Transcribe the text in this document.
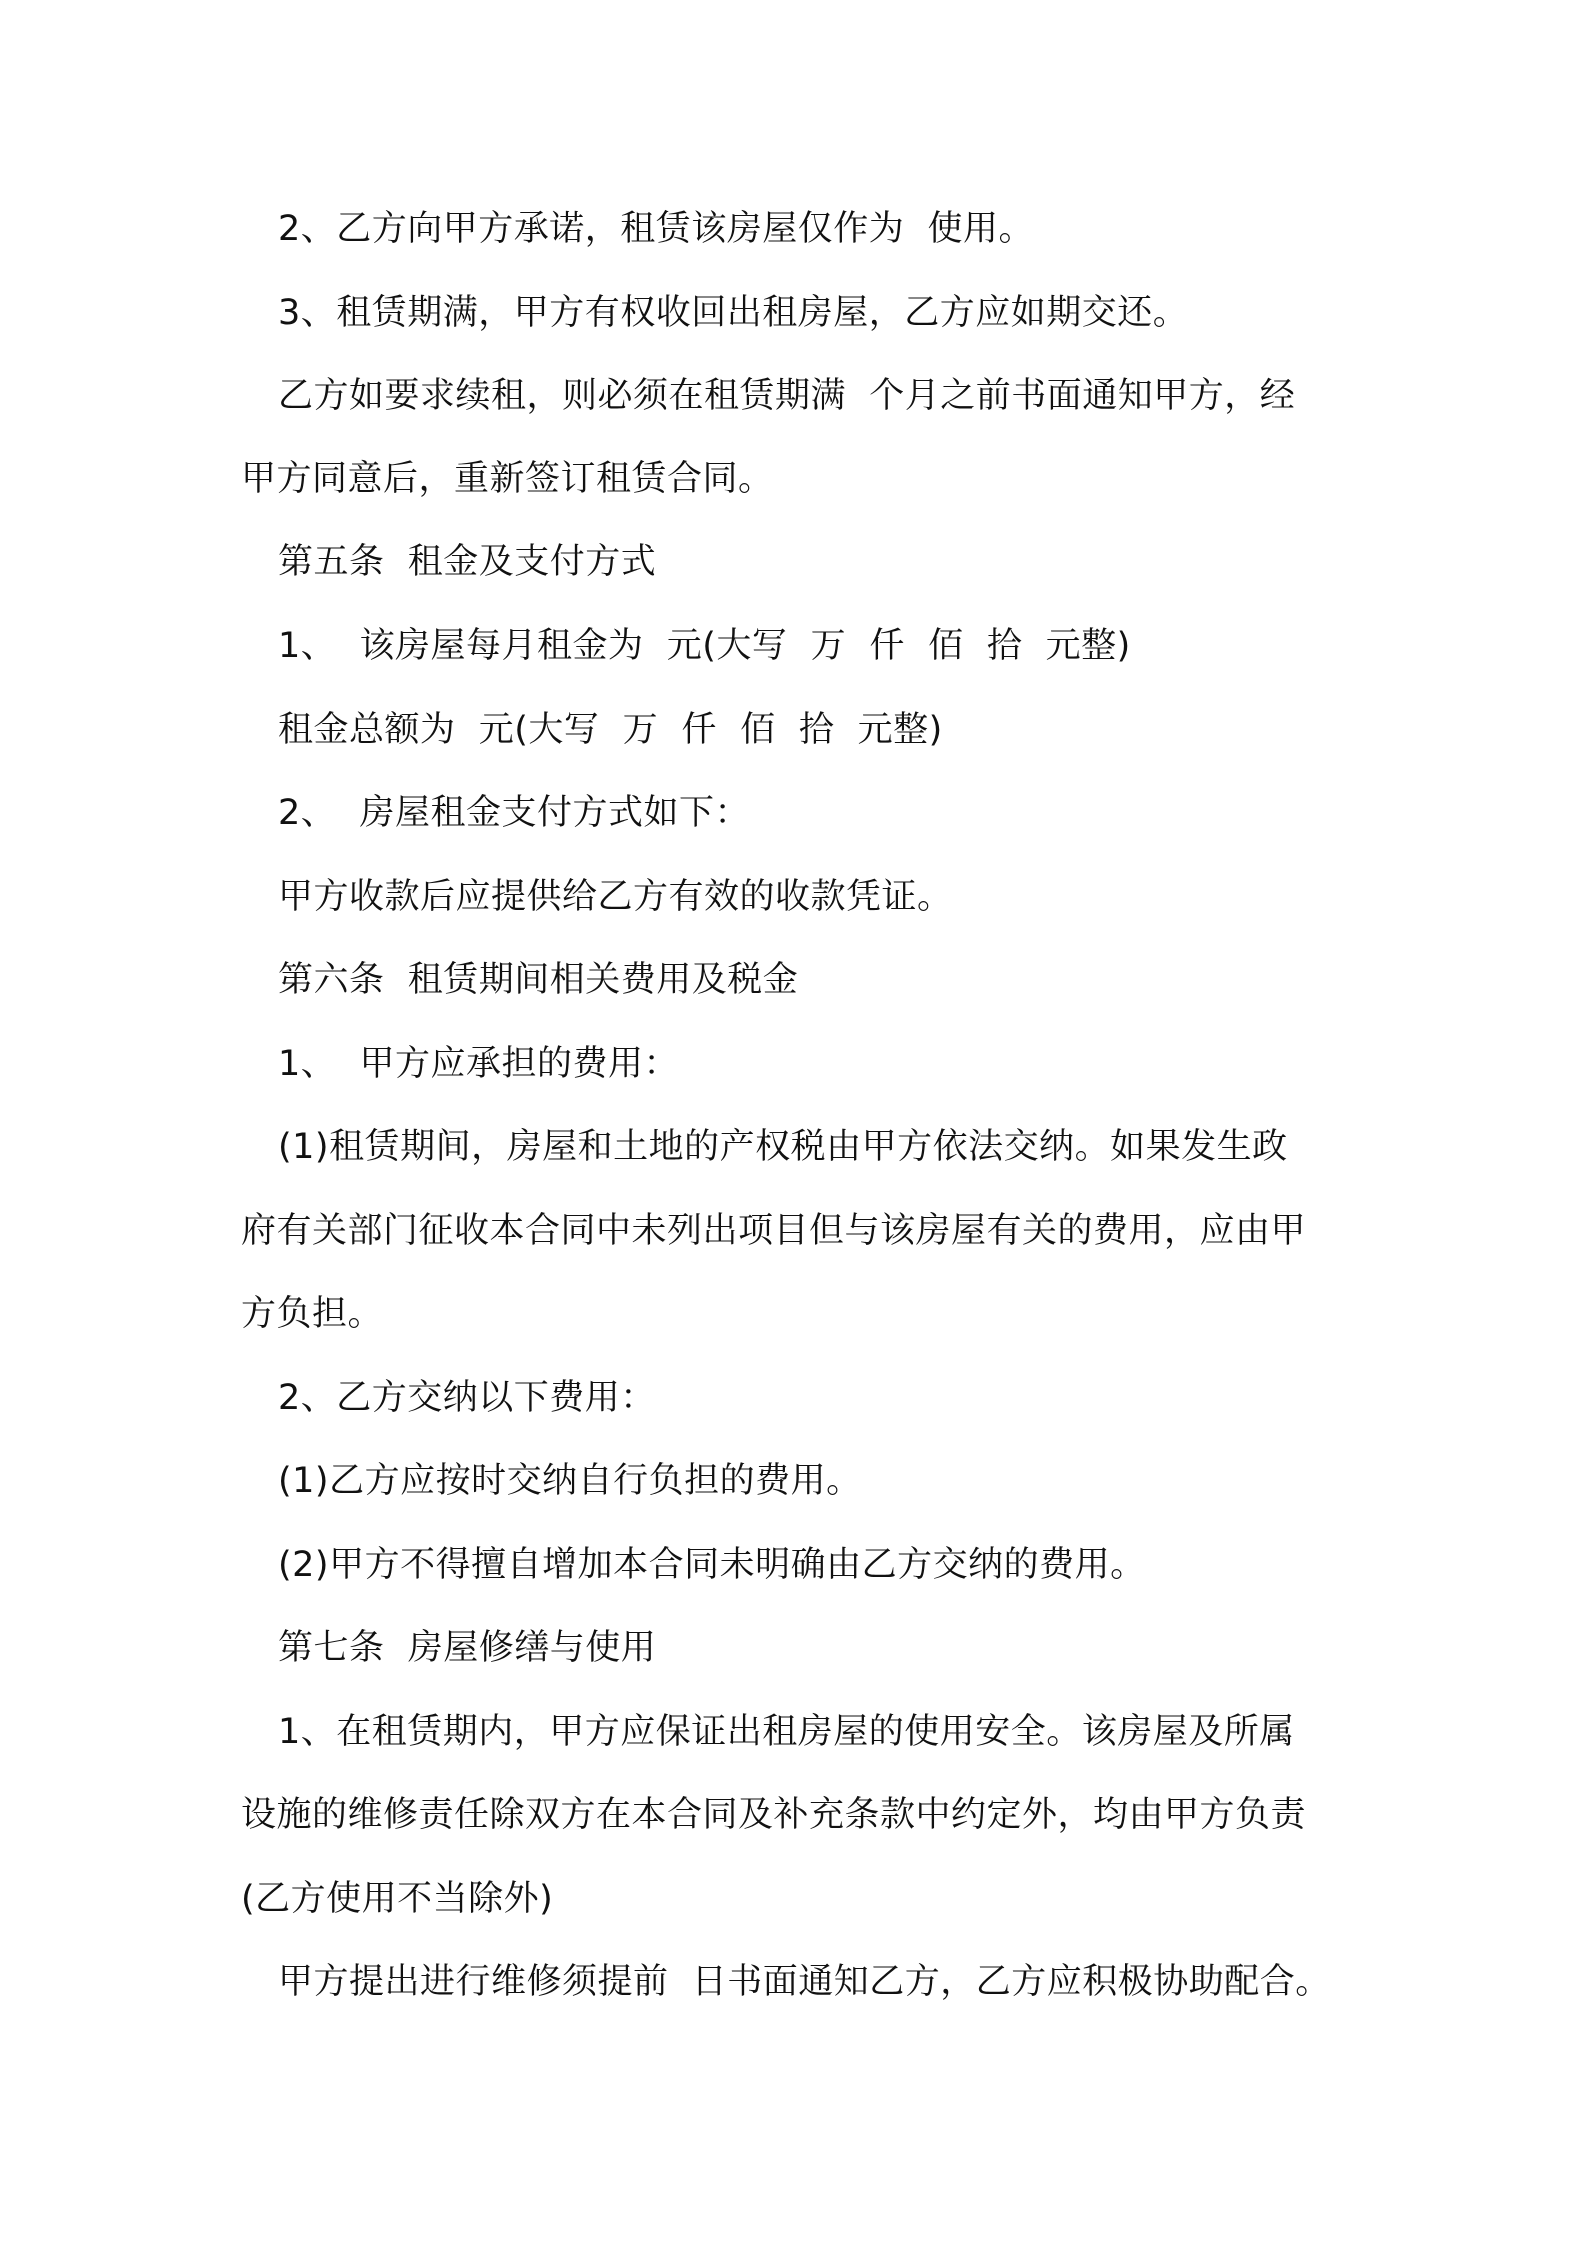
2、乙方向甲方承诺，租赁该房屋仅作为  使用。

3、租赁期满，甲方有权收回出租房屋，乙方应如期交还。

乙方如要求续租，则必须在租赁期满  个月之前书面通知甲方，经

甲方同意后，重新签订租赁合同。

第五条  租金及支付方式

1、  该房屋每月租金为  元(大写  万  仟  佰  拾  元整)

租金总额为  元(大写  万  仟  佰  拾  元整)

2、  房屋租金支付方式如下：

甲方收款后应提供给乙方有效的收款凭证。

第六条  租赁期间相关费用及税金

1、  甲方应承担的费用：

(1)租赁期间，房屋和土地的产权税由甲方依法交纳。如果发生政

府有关部门征收本合同中未列出项目但与该房屋有关的费用，应由甲

方负担。

2、乙方交纳以下费用：

(1)乙方应按时交纳自行负担的费用。

(2)甲方不得擅自增加本合同未明确由乙方交纳的费用。

第七条  房屋修缮与使用

1、在租赁期内，甲方应保证出租房屋的使用安全。该房屋及所属

设施的维修责任除双方在本合同及补充条款中约定外，均由甲方负责

(乙方使用不当除外)

甲方提出进行维修须提前  日书面通知乙方，乙方应积极协助配合。
